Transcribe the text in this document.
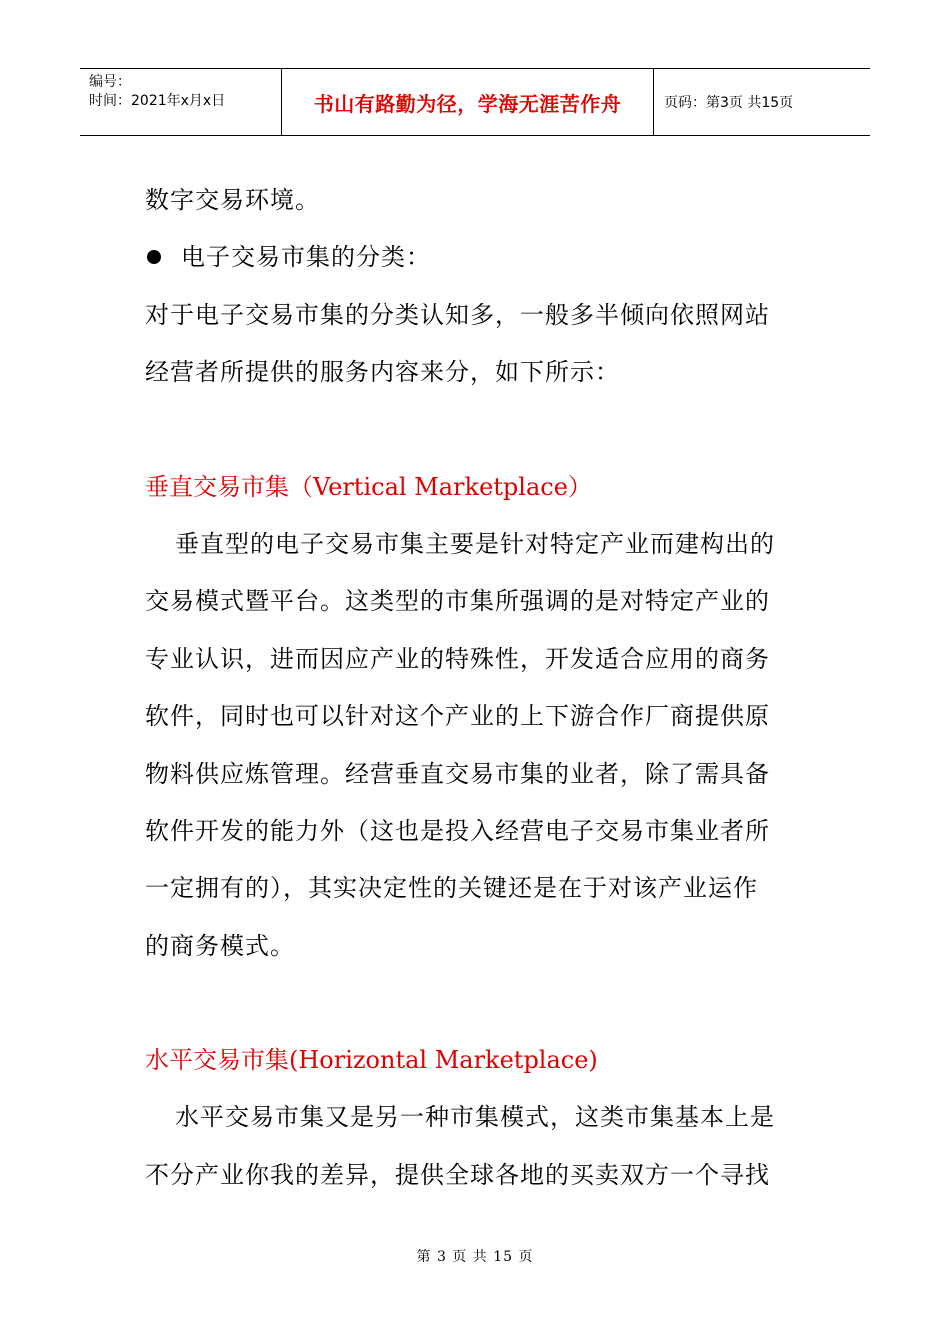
编号：
时间：2021年x月x日	书山有路勤为径，学海无涯苦作舟	页码：第3页 共15页
数字交易环境。
电子交易市集的分类：
对于电子交易市集的分类认知多，一般多半倾向依照网站
经营者所提供的服务内容来分，如下所示：
垂直交易市集（Vertical Marketplace）
垂直型的电子交易市集主要是针对特定产业而建构出的
交易模式暨平台。这类型的市集所强调的是对特定产业的
专业认识，进而因应产业的特殊性，开发适合应用的商务
软件，同时也可以针对这个产业的上下游合作厂商提供原
物料供应炼管理。经营垂直交易市集的业者，除了需具备
软件开发的能力外（这也是投入经营电子交易市集业者所
一定拥有的），其实决定性的关键还是在于对该产业运作
的商务模式。
水平交易市集(Horizontal Marketplace)
水平交易市集又是另一种市集模式，这类市集基本上是
不分产业你我的差异，提供全球各地的买卖双方一个寻找
第 3 页 共 15 页
